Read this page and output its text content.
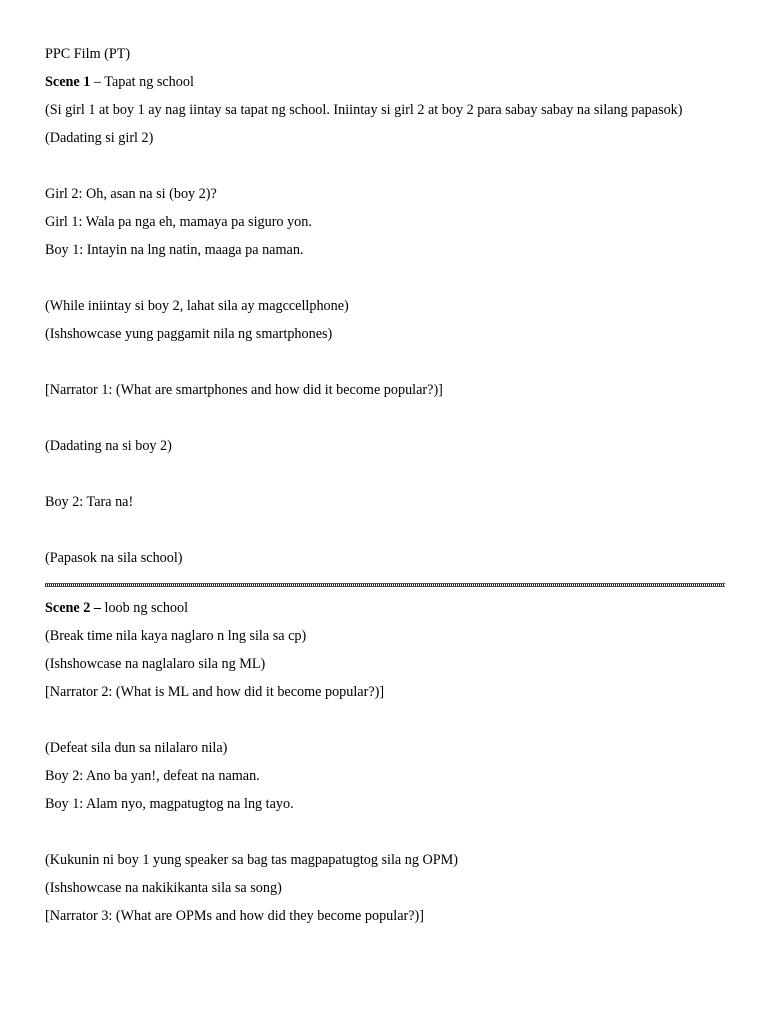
PPC Film (PT)
Scene 1 – Tapat ng school
(Si girl 1 at boy 1 ay nag iintay sa tapat ng school. Iniintay si girl 2 at boy 2 para sabay sabay na silang papasok)
(Dadating si girl 2)
Girl 2: Oh, asan na si (boy 2)?
Girl 1: Wala pa nga eh, mamaya pa siguro yon.
Boy 1: Intayin na lng natin, maaga pa naman.
(While iniintay si boy 2, lahat sila ay magccellphone)
(Ishshowcase yung paggamit nila ng smartphones)
[Narrator 1: (What are smartphones and how did it become popular?)]
(Dadating na si boy 2)
Boy 2: Tara na!
(Papasok na sila school)
Scene 2 – loob ng school
(Break time nila kaya naglaro n lng sila sa cp)
(Ishshowcase na naglalaro sila ng ML)
[Narrator 2: (What is ML and how did it become popular?)]
(Defeat sila dun sa nilalaro nila)
Boy 2: Ano ba yan!, defeat na naman.
Boy 1: Alam nyo, magpatugtog na lng tayo.
(Kukunin ni boy 1 yung speaker sa bag tas magpapatugtog sila ng OPM)
(Ishshowcase na nakikikanta sila sa song)
[Narrator 3: (What are OPMs and how did they become popular?)]
